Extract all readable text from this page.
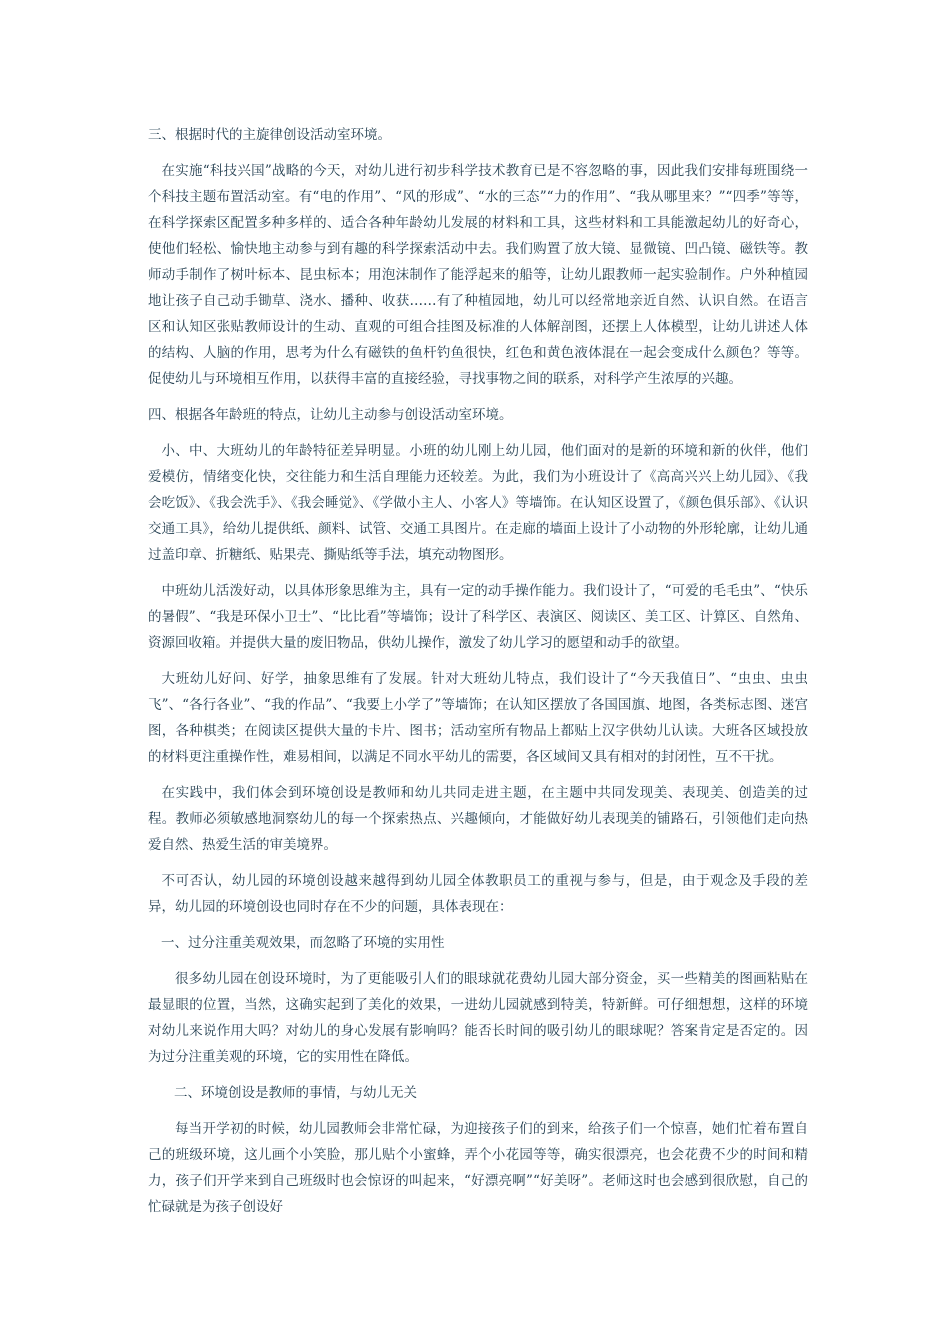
三、根据时代的主旋律创设活动室环境。
在实施“科技兴国”战略的今天，对幼儿进行初步科学技术教育已是不容忽略的事，因此我们安排每班围绕一个科技主题布置活动室。有“电的作用”、“风的形成”、“水的三态”“力的作用”、“我从哪里来？”“四季”等等，在科学探索区配置多种多样的、适合各种年龄幼儿发展的材料和工具，这些材料和工具能激起幼儿的好奇心，使他们轻松、愉快地主动参与到有趣的科学探索活动中去。我们购置了放大镜、显微镜、凹凸镜、磁铁等。教师动手制作了树叶标本、昆虫标本；用泡沫制作了能浮起来的船等，让幼儿跟教师一起实验制作。户外种植园地让孩子自己动手锄草、浇水、播种、收获……有了种植园地，幼儿可以经常地亲近自然、认识自然。在语言区和认知区张贴教师设计的生动、直观的可组合挂图及标准的人体解剖图，还摆上人体模型，让幼儿讲述人体的结构、人脑的作用，思考为什么有磁铁的鱼杆钓鱼很快，红色和黄色液体混在一起会变成什么颜色？等等。促使幼儿与环境相互作用，以获得丰富的直接经验，寻找事物之间的联系，对科学产生浓厚的兴趣。
四、根据各年龄班的特点，让幼儿主动参与创设活动室环境。
小、中、大班幼儿的年龄特征差异明显。小班的幼儿刚上幼儿园，他们面对的是新的环境和新的伙伴，他们爱模仿，情绪变化快，交往能力和生活自理能力还较差。为此，我们为小班设计了《高高兴兴上幼儿园》、《我会吃饭》、《我会洗手》、《我会睡觉》、《学做小主人、小客人》等墙饰。在认知区设置了，《颜色俱乐部》、《认识交通工具》，给幼儿提供纸、颜料、试管、交通工具图片。在走廊的墙面上设计了小动物的外形轮廓，让幼儿通过盖印章、折糖纸、贴果壳、撕贴纸等手法，填充动物图形。
中班幼儿活泼好动，以具体形象思维为主，具有一定的动手操作能力。我们设计了，“可爱的毛毛虫”、“快乐的暑假”、“我是环保小卫士”、“比比看”等墙饰；设计了科学区、表演区、阅读区、美工区、计算区、自然角、资源回收箱。并提供大量的废旧物品，供幼儿操作，激发了幼儿学习的愿望和动手的欲望。
大班幼儿好问、好学，抽象思维有了发展。针对大班幼儿特点，我们设计了“今天我值日”、“虫虫、虫虫飞”、“各行各业”、“我的作品”、“我要上小学了”等墙饰；在认知区摆放了各国国旗、地图，各类标志图、迷宫图，各种棋类；在阅读区提供大量的卡片、图书；活动室所有物品上都贴上汉字供幼儿认读。大班各区域投放的材料更注重操作性，难易相间，以满足不同水平幼儿的需要，各区域间又具有相对的封闭性，互不干扰。
在实践中，我们体会到环境创设是教师和幼儿共同走进主题，在主题中共同发现美、表现美、创造美的过程。教师必须敏感地洞察幼儿的每一个探索热点、兴趣倾向，才能做好幼儿表现美的铺路石，引领他们走向热爱自然、热爱生活的审美境界。
不可否认，幼儿园的环境创设越来越得到幼儿园全体教职员工的重视与参与，但是，由于观念及手段的差异，幼儿园的环境创设也同时存在不少的问题，具体表现在：
一、过分注重美观效果，而忽略了环境的实用性
很多幼儿园在创设环境时，为了更能吸引人们的眼球就花费幼儿园大部分资金，买一些精美的图画粘贴在最显眼的位置，当然，这确实起到了美化的效果，一进幼儿园就感到特美，特新鲜。可仔细想想，这样的环境对幼儿来说作用大吗？对幼儿的身心发展有影响吗？能否长时间的吸引幼儿的眼球呢？答案肯定是否定的。因为过分注重美观的环境，它的实用性在降低。
二、环境创设是教师的事情，与幼儿无关
每当开学初的时候，幼儿园教师会非常忙碌，为迎接孩子们的到来，给孩子们一个惊喜，她们忙着布置自己的班级环境，这儿画个小笑脸，那儿贴个小蜜蜂，弄个小花园等等，确实很漂亮，也会花费不少的时间和精力，孩子们开学来到自己班级时也会惊讶的叫起来，“好漂亮啊”“好美呀”。老师这时也会感到很欣慰，自己的忙碌就是为孩子创设好
